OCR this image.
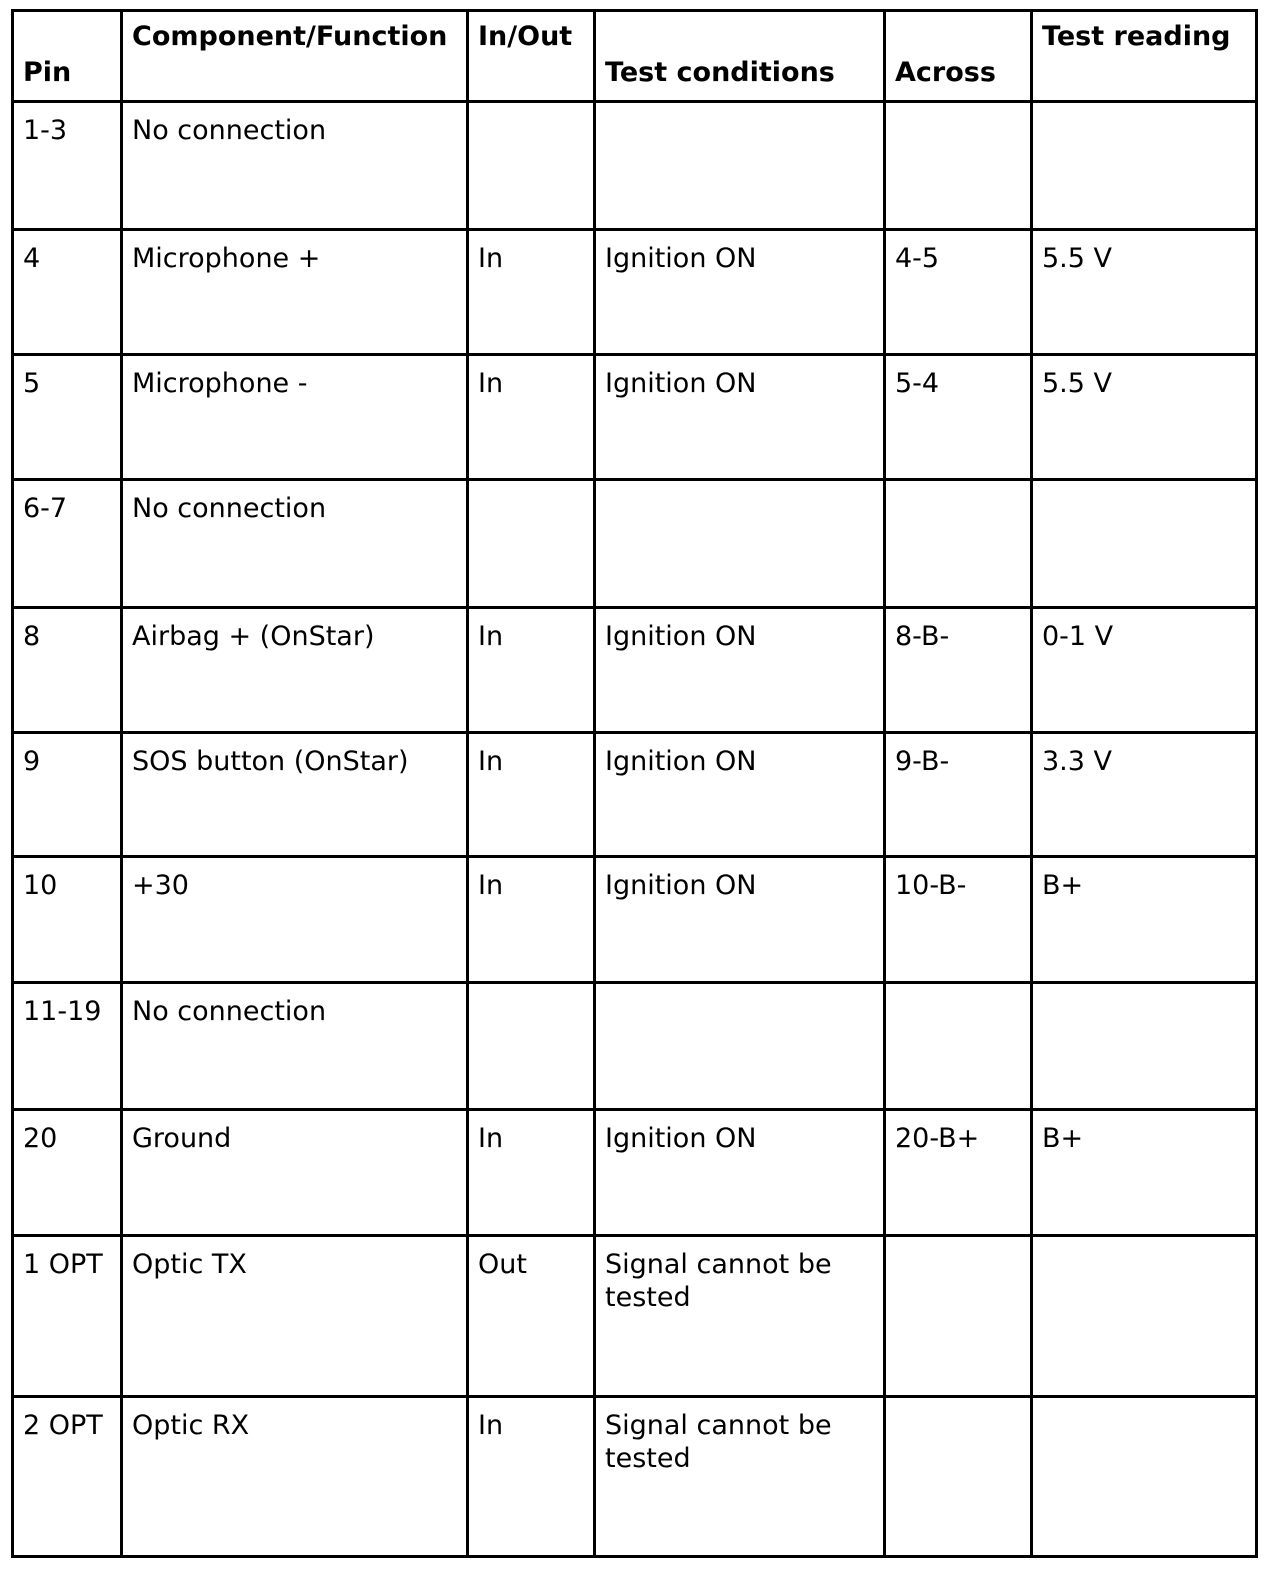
Pin	Component/Function	In/Out	Test conditions	Across	Test reading

1-3	No connection				
4	Microphone +	In	Ignition ON	4-5	5.5 V
5	Microphone -	In	Ignition ON	5-4	5.5 V
6-7	No connection				
8	Airbag + (OnStar)	In	Ignition ON	8-B-	0-1 V
9	SOS button (OnStar)	In	Ignition ON	9-B-	3.3 V
10	+30	In	Ignition ON	10-B-	B+
11-19	No connection				
20	Ground	In	Ignition ON	20-B+	B+
1 OPT	Optic TX	Out	Signal cannot be tested		
2 OPT	Optic RX	In	Signal cannot be tested		
